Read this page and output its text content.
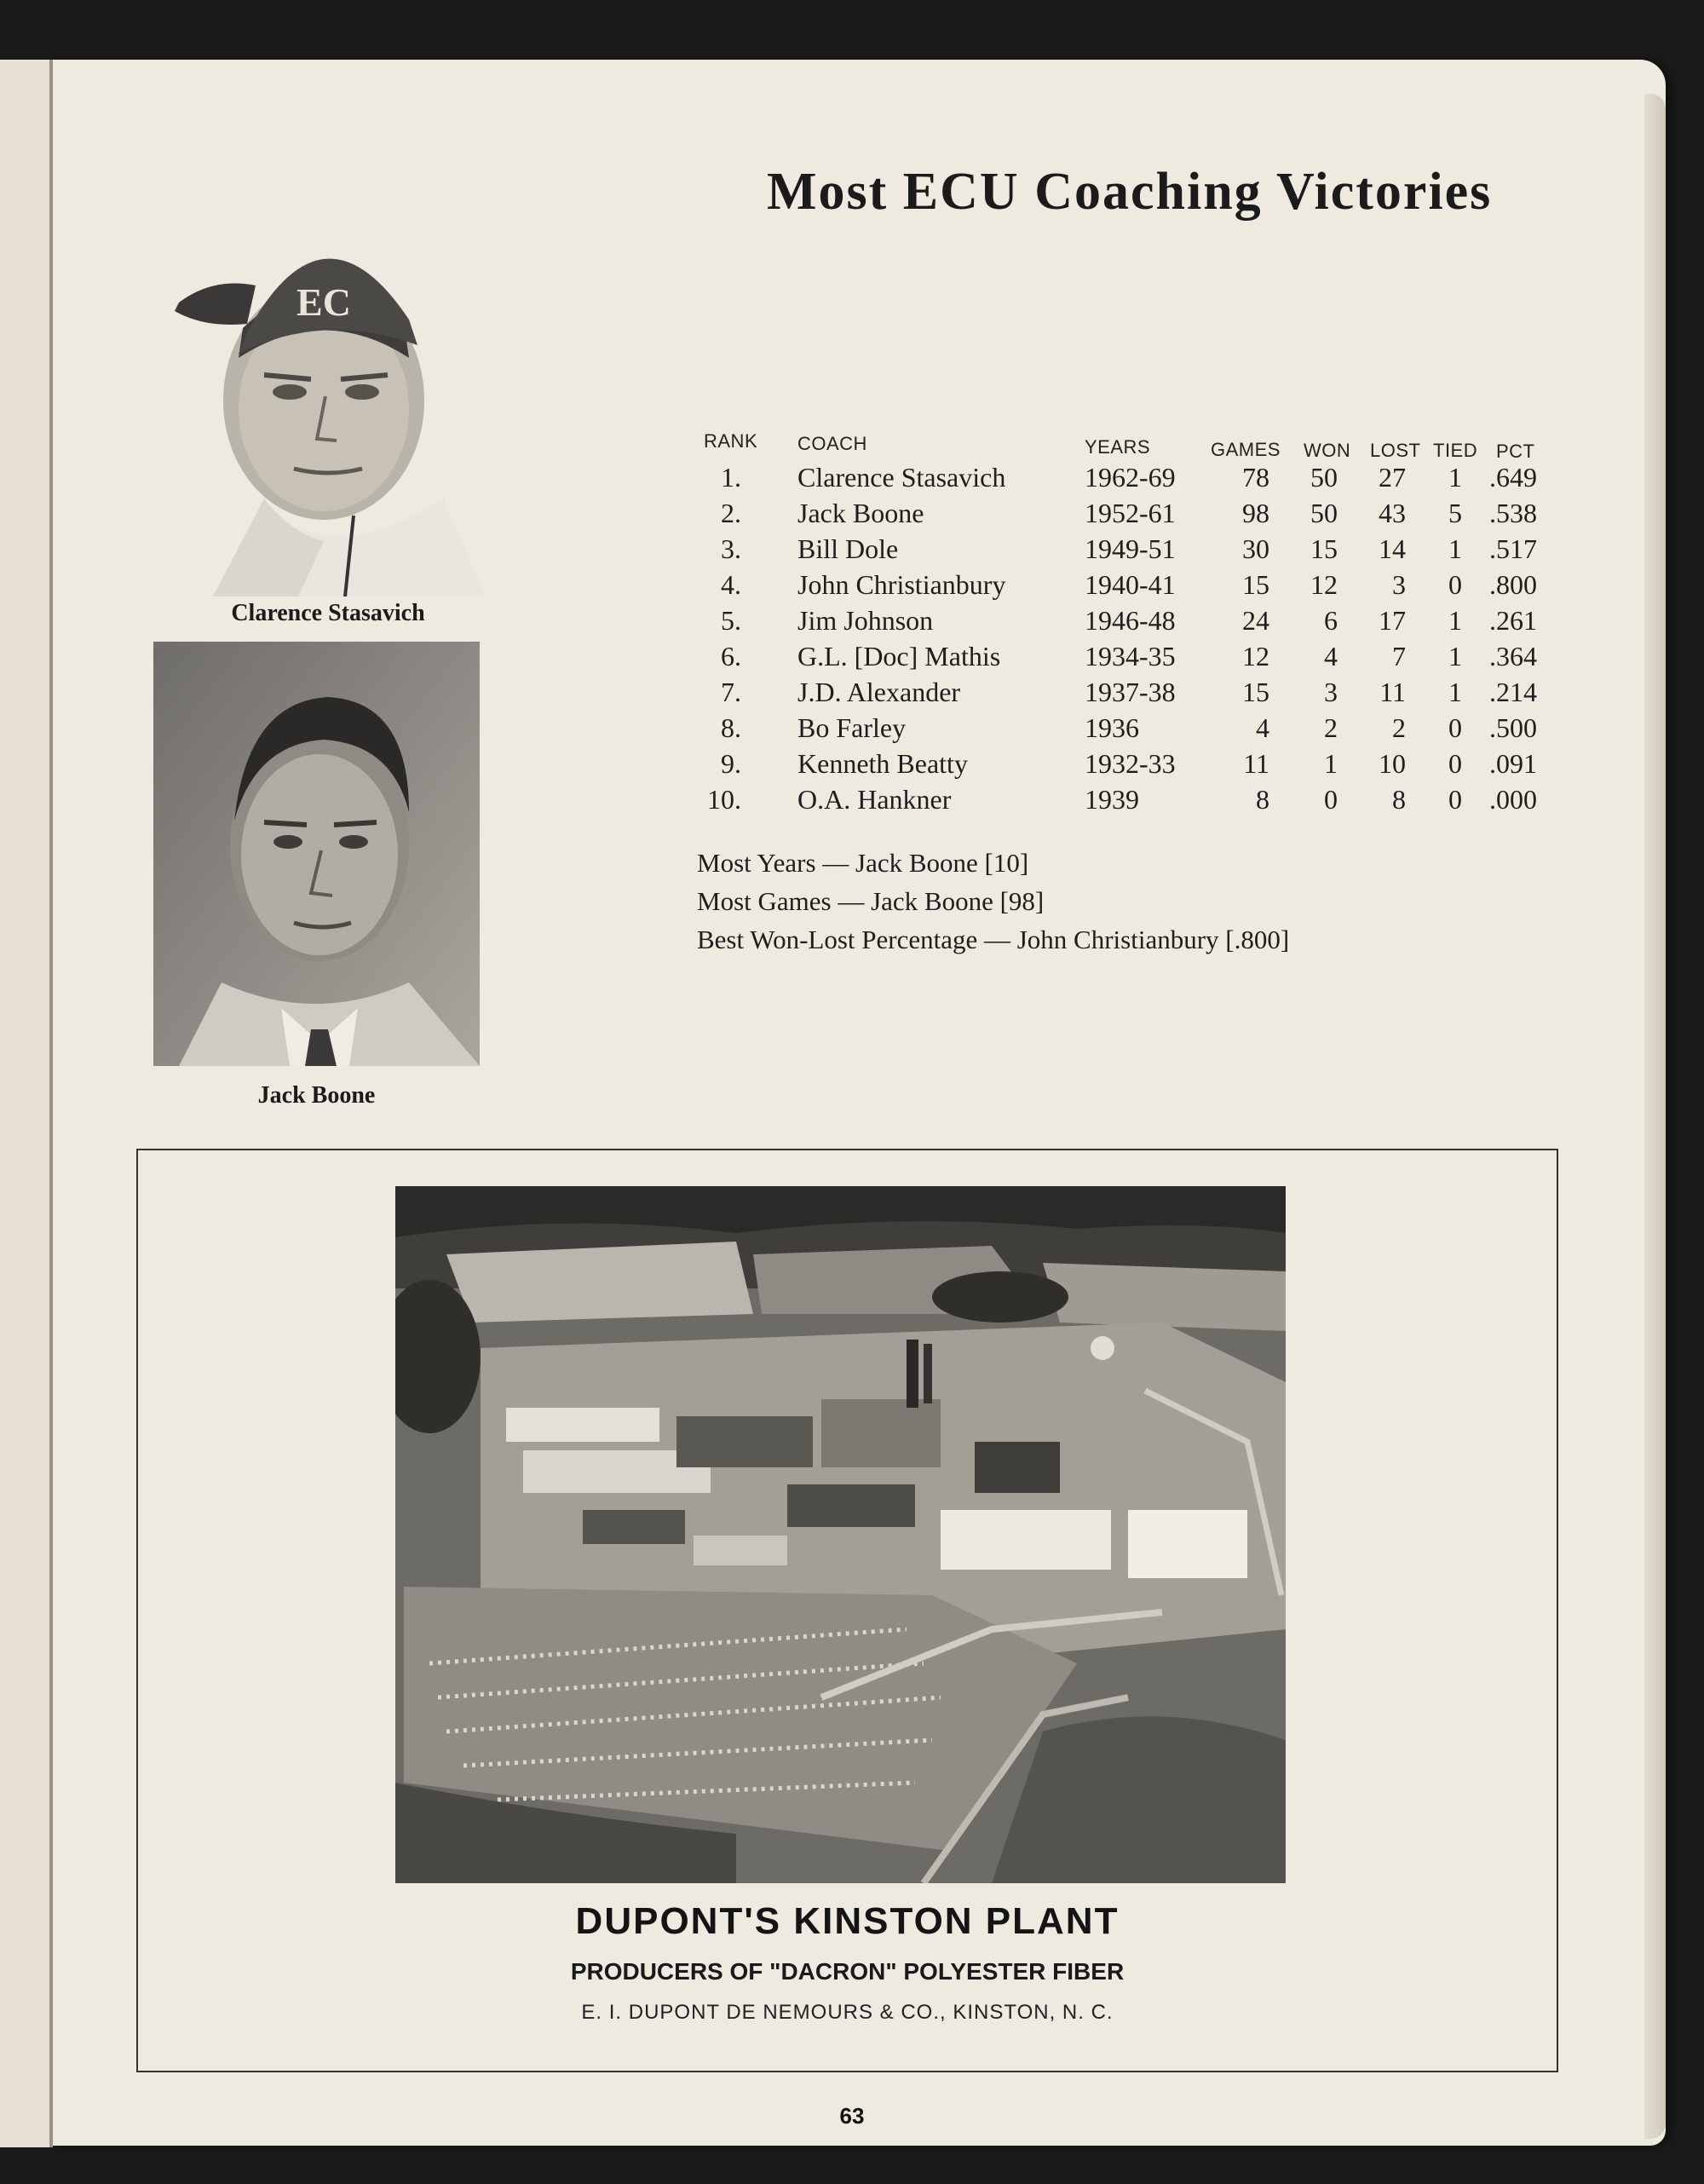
Most ECU Coaching Victories
EC
Clarence Stasavich
Jack Boone
RANK COACH	YEARS	GAMES WON LOST TIED PCT
1. Clarence Stasavich	1962-69	78	50	27	1 .649
2. Jack Boone	1952-61	98	50	43	5 .538
3. Bill Dole	1949-51	30	15	14	1 .517
4. John Christianbury	1940-41	15	12	3	0 .800
5. Jim Johnson	1946-48	24	6	17	1 .261
6. G.L. [Doc] Mathis	1934-35	12	4	7	1 .364
7. J.D. Alexander	1937-38	15	3	11	1 .214
8. Bo Farley	1936	4	2	2	0 .500
9. Kenneth Beatty	1932-33	11	1	10	0 .091
10. O.A. Hankner	1939	8	0	8	0 .000
Most Years — Jack Boone [10]
Most Games — Jack Boone [98]
Best Won-Lost Percentage — John Christianbury [.800]
DUPONT'S KINSTON PLANT
PRODUCERS OF "DACRON" POLYESTER FIBER
E. I. DUPONT DE NEMOURS & CO., KINSTON, N. C.
63
